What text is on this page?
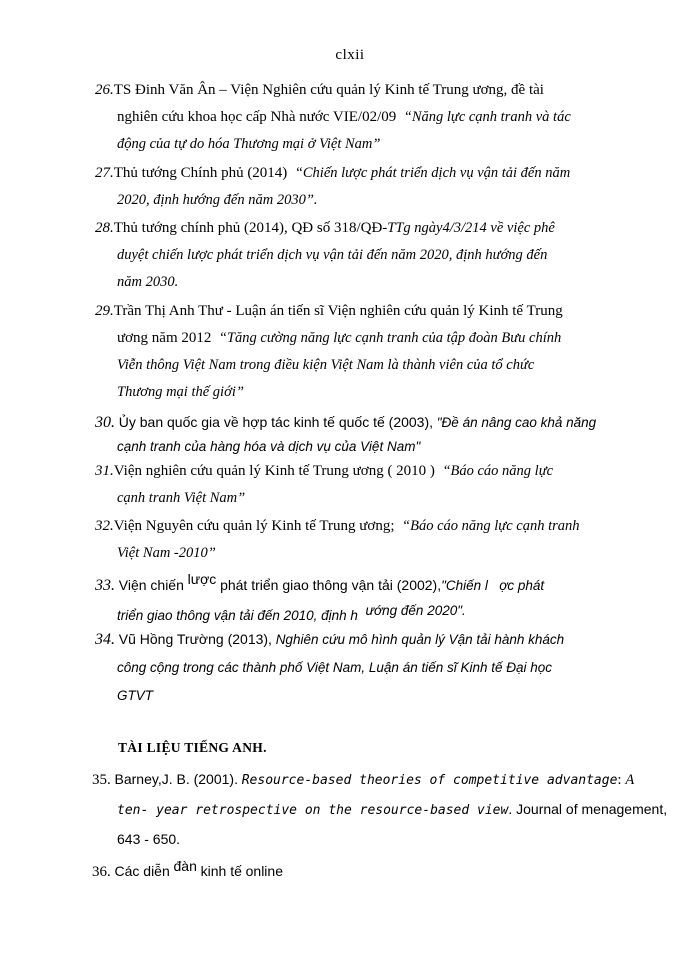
clxii
26.TS Đinh Văn Ân – Viện Nghiên cứu quản lý Kinh tế Trung ương, đề tài
nghiên cứu khoa học cấp Nhà nước VIE/02/09 “Năng lực cạnh tranh và tác
động của tự do hóa Thương mại ở Việt Nam”
27.Thủ tướng Chính phủ (2014) “Chiến lược phát triển dịch vụ vận tải đến năm
2020, định hướng đến năm 2030”.
28.Thủ tướng chính phủ (2014), QĐ số 318/QĐ-TTg ngày4/3/214 về việc phê
duyệt chiến lược phát triển dịch vụ vận tải đến năm 2020, định hướng đến
năm 2030.
29.Trần Thị Anh Thư - Luận án tiến sĩ Viện nghiên cứu quản lý Kinh tế Trung
ương năm 2012 “Tăng cường năng lực cạnh tranh của tập đoàn Bưu chính
Viễn thông Việt Nam trong điều kiện Việt Nam là thành viên của tổ chức
Thương mại thế giới”
30. Ủy ban quốc gia về hợp tác kinh tế quốc tế (2003), "Đề án nâng cao khả năng
cạnh tranh của hàng hóa và dịch vụ của Việt Nam"
31.Viện nghiên cứu quản lý Kinh tế Trung ương ( 2010 ) “Báo cáo năng lực
cạnh tranh Việt Nam”
32.Viện Nguyên cứu quản lý Kinh tế Trung ương; “Báo cáo năng lực cạnh tranh
Việt Nam -2010”
33. Viện chiến lược phát triển giao thông vận tải (2002),"Chiến l ợc phát
triển giao thông vận tải đến 2010, định h ướng đến 2020".
34. Vũ Hồng Trường (2013), Nghiên cứu mô hình quản lý Vận tải hành khách
công cộng trong các thành phố Việt Nam, Luận án tiến sĩ Kinh tế Đại học
GTVT
TÀI LIỆU TIẾNG ANH.
35. Barney,J. B. (2001). Resource-based theories of competitive advantage: A
ten- year retrospective on the resource-based view. Journal of menagement,
643 - 650.
36. Các diễn đàn kinh tế online
